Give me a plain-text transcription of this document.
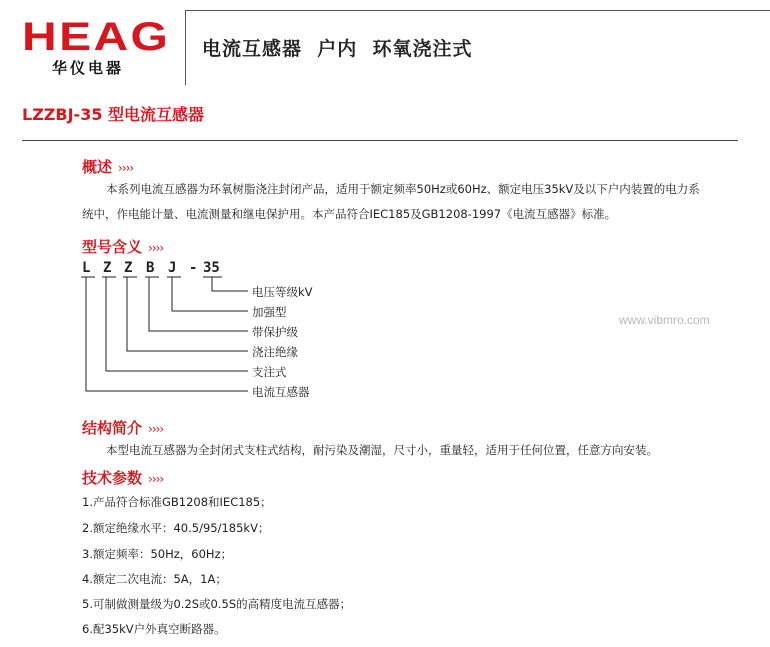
HEAG
华仪电器
电流互感器  户内  环氧浇注式
LZZBJ-35 型电流互感器
概述 ››››
本系列电流互感器为环氧树脂浇注封闭产品，适用于额定频率50Hz或60Hz、额定电压35kV及以下户内装置的电力系
统中，作电能计量、电流测量和继电保护用。本产品符合IEC185及GB1208-1997《电流互感器》标准。
型号含义 ››››
L Z Z B J - 35
电压等级kV
加强型
带保护级
浇注绝缘
支注式
电流互感器
www.vibmro.com
结构简介 ››››
本型电流互感器为全封闭式支柱式结构，耐污染及潮湿，尺寸小，重量轻，适用于任何位置，任意方向安装。
技术参数 ››››
1.产品符合标准GB1208和IEC185；
2.额定绝缘水平：40.5/95/185kV；
3.额定频率：50Hz，60Hz；
4.额定二次电流：5A，1A；
5.可制做测量级为0.2S或0.5S的高精度电流互感器；
6.配35kV户外真空断路器。
